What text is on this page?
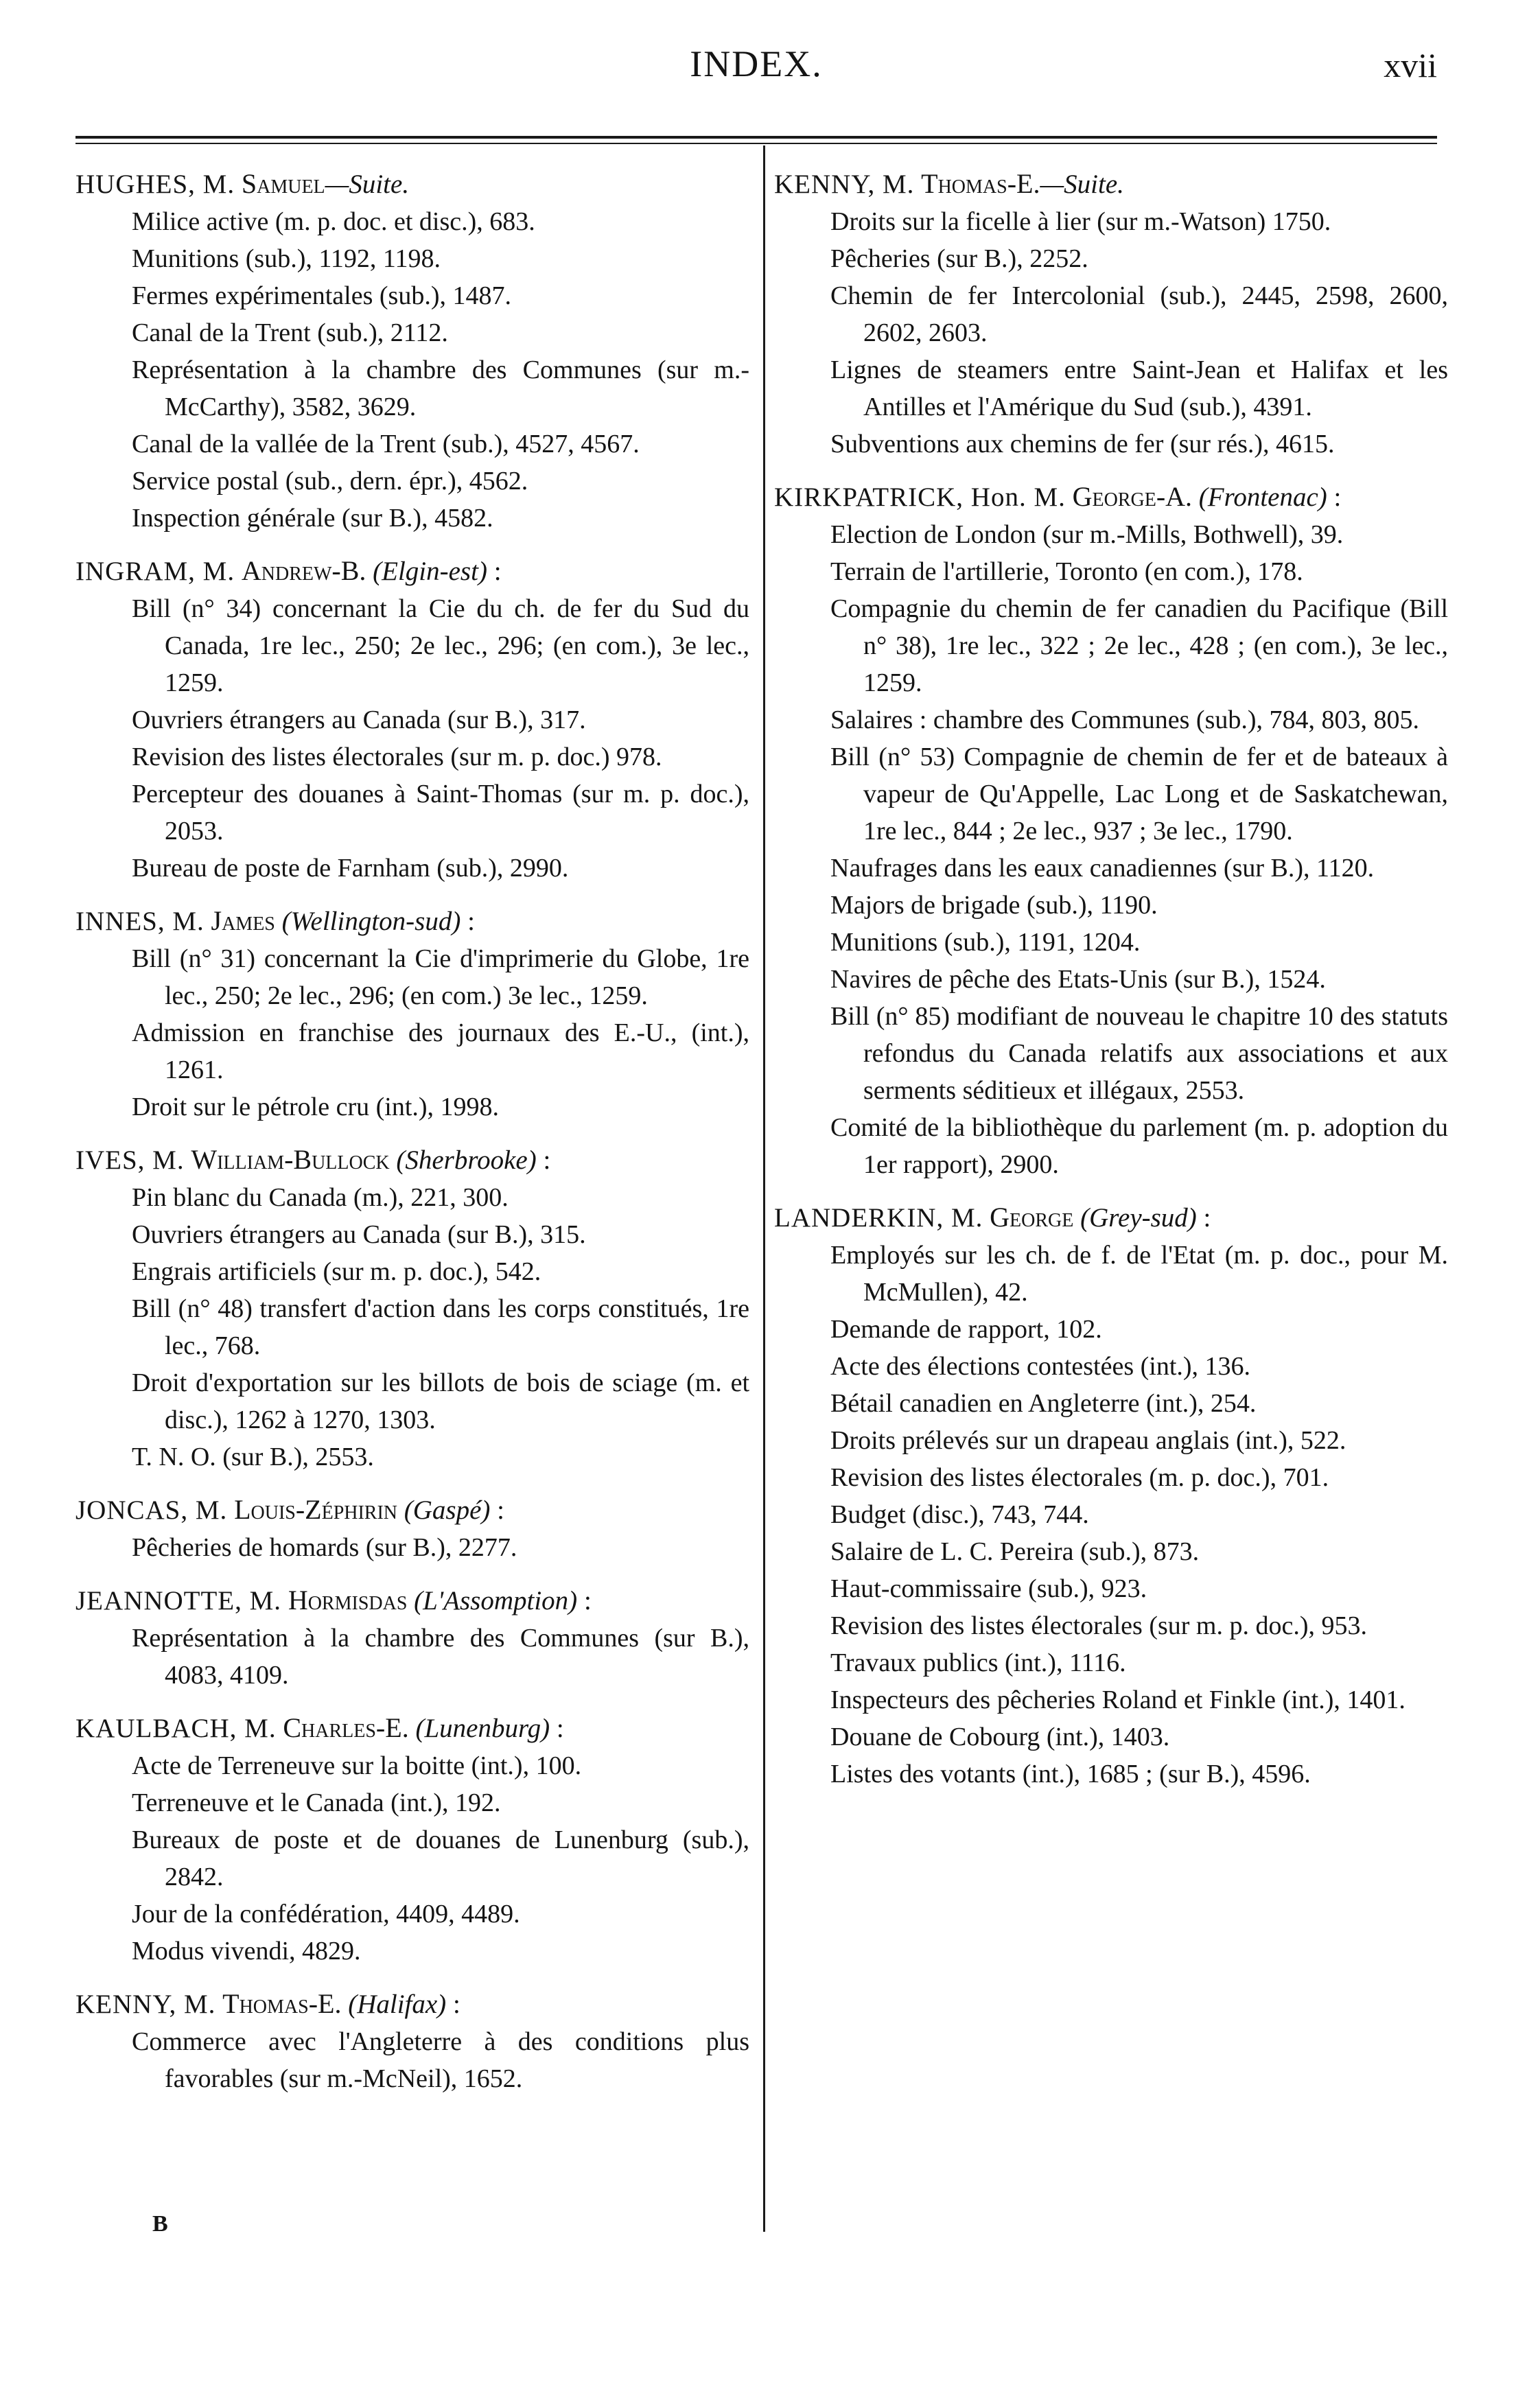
INDEX.	xvii
HUGHES, M. Samuel—Suite.
Milice active (m. p. doc. et disc.), 683.
Munitions (sub.), 1192, 1198.
Fermes expérimentales (sub.), 1487.
Canal de la Trent (sub.), 2112.
Représentation à la chambre des Communes (sur m.-McCarthy), 3582, 3629.
Canal de la vallée de la Trent (sub.), 4527, 4567.
Service postal (sub., dern. épr.), 4562.
Inspection générale (sur B.), 4582.
INGRAM, M. Andrew-B. (Elgin-est) :
Bill (n° 34) concernant la Cie du ch. de fer du Sud du Canada, 1re lec., 250; 2e lec., 296; (en com.), 3e lec., 1259.
Ouvriers étrangers au Canada (sur B.), 317.
Revision des listes électorales (sur m. p. doc.) 978.
Percepteur des douanes à Saint-Thomas (sur m. p. doc.), 2053.
Bureau de poste de Farnham (sub.), 2990.
INNES, M. James (Wellington-sud) :
Bill (n° 31) concernant la Cie d'imprimerie du Globe, 1re lec., 250; 2e lec., 296; (en com.) 3e lec., 1259.
Admission en franchise des journaux des E.-U., (int.), 1261.
Droit sur le pétrole cru (int.), 1998.
IVES, M. William-Bullock (Sherbrooke) :
Pin blanc du Canada (m.), 221, 300.
Ouvriers étrangers au Canada (sur B.), 315.
Engrais artificiels (sur m. p. doc.), 542.
Bill (n° 48) transfert d'action dans les corps constitués, 1re lec., 768.
Droit d'exportation sur les billots de bois de sciage (m. et disc.), 1262 à 1270, 1303.
T. N. O. (sur B.), 2553.
JONCAS, M. Louis-Zéphirin (Gaspé) :
Pêcheries de homards (sur B.), 2277.
JEANNOTTE, M. Hormisdas (L'Assomption) :
Représentation à la chambre des Communes (sur B.), 4083, 4109.
KAULBACH, M. Charles-E. (Lunenburg) :
Acte de Terreneuve sur la boitte (int.), 100.
Terreneuve et le Canada (int.), 192.
Bureaux de poste et de douanes de Lunenburg (sub.), 2842.
Jour de la confédération, 4409, 4489.
Modus vivendi, 4829.
KENNY, M. Thomas-E. (Halifax) :
Commerce avec l'Angleterre à des conditions plus favorables (sur m.-McNeil), 1652.
KENNY, M. Thomas-E.—Suite.
Droits sur la ficelle à lier (sur m.-Watson) 1750.
Pêcheries (sur B.), 2252.
Chemin de fer Intercolonial (sub.), 2445, 2598, 2600, 2602, 2603.
Lignes de steamers entre Saint-Jean et Halifax et les Antilles et l'Amérique du Sud (sub.), 4391.
Subventions aux chemins de fer (sur rés.), 4615.
KIRKPATRICK, Hon. M. George-A. (Frontenac) :
Election de London (sur m.-Mills, Bothwell), 39.
Terrain de l'artillerie, Toronto (en com.), 178.
Compagnie du chemin de fer canadien du Pacifique (Bill n° 38), 1re lec., 322 ; 2e lec., 428 ; (en com.), 3e lec., 1259.
Salaires : chambre des Communes (sub.), 784, 803, 805.
Bill (n° 53) Compagnie de chemin de fer et de bateaux à vapeur de Qu'Appelle, Lac Long et de Saskatchewan, 1re lec., 844 ; 2e lec., 937 ; 3e lec., 1790.
Naufrages dans les eaux canadiennes (sur B.), 1120.
Majors de brigade (sub.), 1190.
Munitions (sub.), 1191, 1204.
Navires de pêche des Etats-Unis (sur B.), 1524.
Bill (n° 85) modifiant de nouveau le chapitre 10 des statuts refondus du Canada relatifs aux associations et aux serments séditieux et illégaux, 2553.
Comité de la bibliothèque du parlement (m. p. adoption du 1er rapport), 2900.
LANDERKIN, M. George (Grey-sud) :
Employés sur les ch. de f. de l'Etat (m. p. doc., pour M. McMullen), 42.
Demande de rapport, 102.
Acte des élections contestées (int.), 136.
Bétail canadien en Angleterre (int.), 254.
Droits prélevés sur un drapeau anglais (int.), 522.
Revision des listes électorales (m. p. doc.), 701.
Budget (disc.), 743, 744.
Salaire de L. C. Pereira (sub.), 873.
Haut-commissaire (sub.), 923.
Revision des listes électorales (sur m. p. doc.), 953.
Travaux publics (int.), 1116.
Inspecteurs des pêcheries Roland et Finkle (int.), 1401.
Douane de Cobourg (int.), 1403.
Listes des votants (int.), 1685 ; (sur B.), 4596.
B
